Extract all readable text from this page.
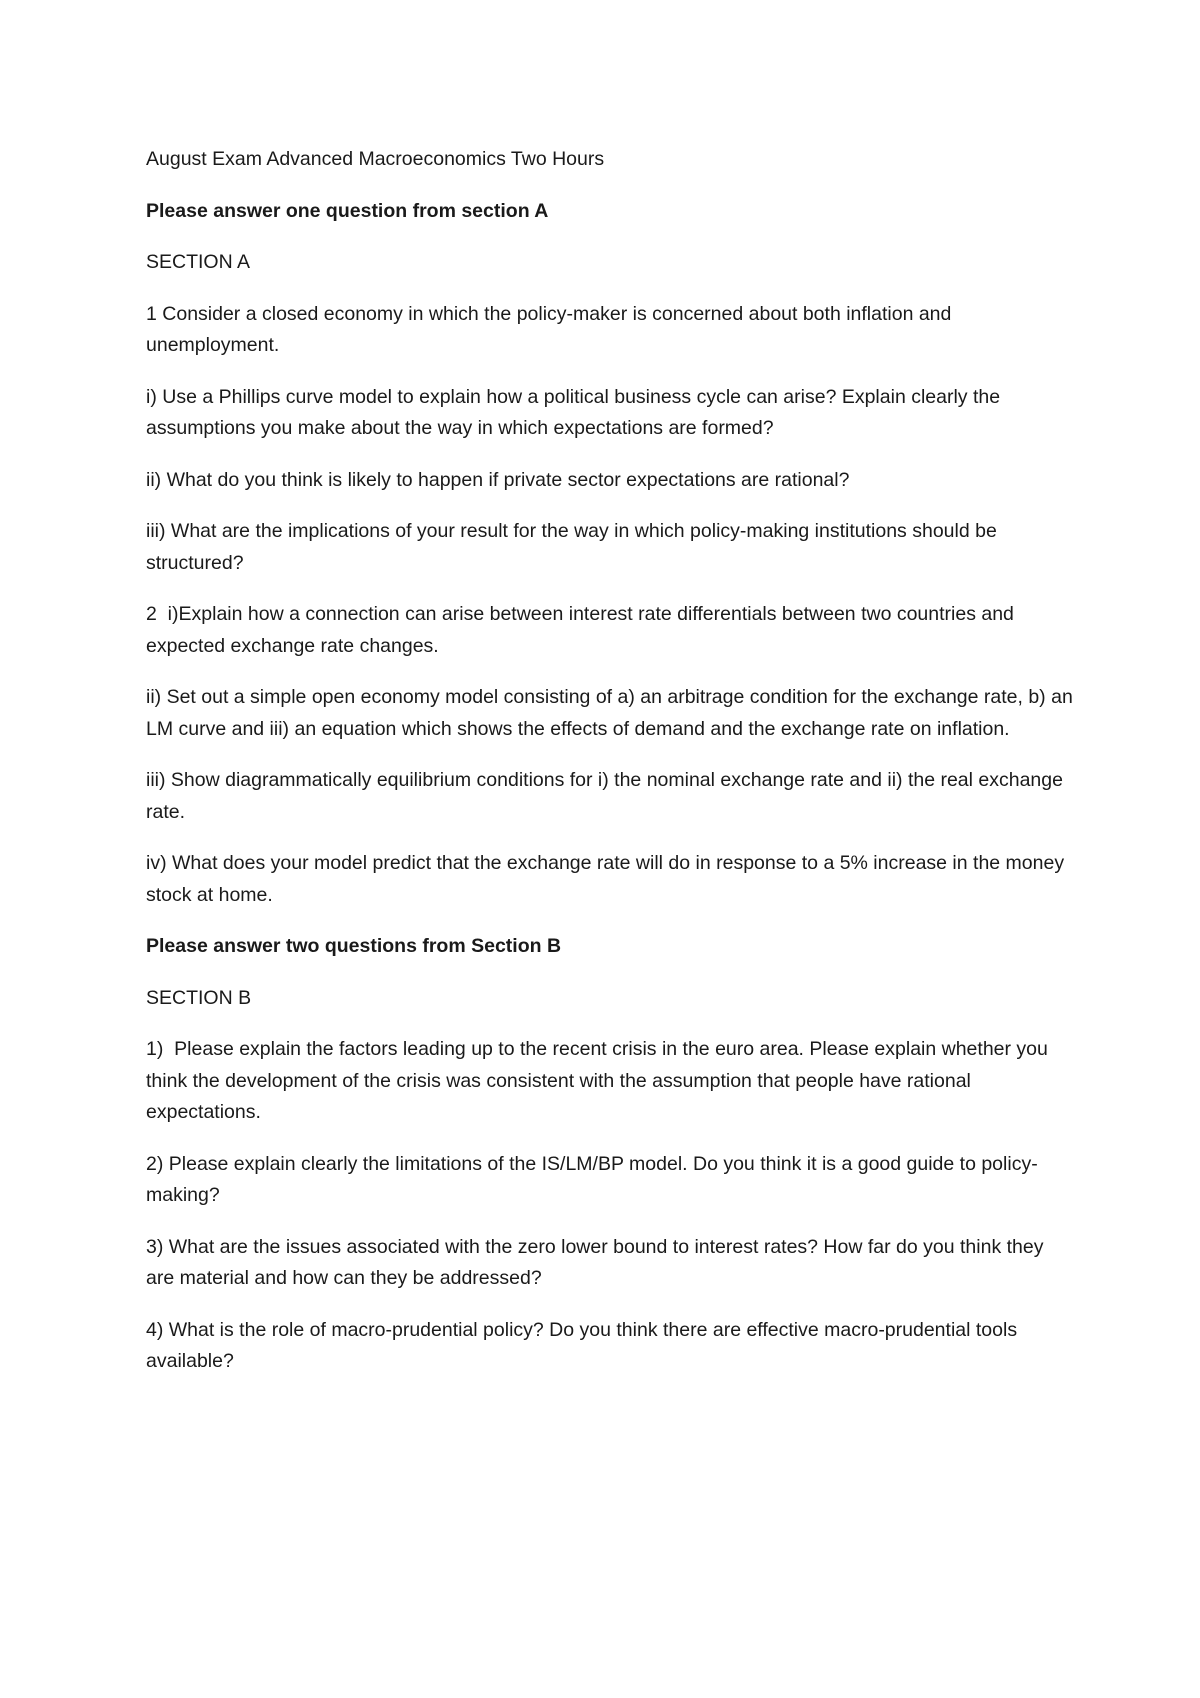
August Exam Advanced Macroeconomics Two Hours

Please answer one question from section A

SECTION A

1 Consider a closed economy in which the policy-maker is concerned about both inflation and unemployment.

i) Use a Phillips curve model to explain how a political business cycle can arise? Explain clearly the assumptions you make about the way in which expectations are formed?

ii) What do you think is likely to happen if private sector expectations are rational?

iii) What are the implications of your result for the way in which policy-making institutions should be structured?

2  i)Explain how a connection can arise between interest rate differentials between two countries and expected exchange rate changes.

ii) Set out a simple open economy model consisting of a) an arbitrage condition for the exchange rate, b) an LM curve and iii) an equation which shows the effects of demand and the exchange rate on inflation.

iii) Show diagrammatically equilibrium conditions for i) the nominal exchange rate and ii) the real exchange rate.

iv) What does your model predict that the exchange rate will do in response to a 5% increase in the money stock at home.

Please answer two questions from Section B

SECTION B

1)  Please explain the factors leading up to the recent crisis in the euro area. Please explain whether you think the development of the crisis was consistent with the assumption that people have rational expectations.

2) Please explain clearly the limitations of the IS/LM/BP model. Do you think it is a good guide to policy-making?

3) What are the issues associated with the zero lower bound to interest rates? How far do you think they are material and how can they be addressed?

4) What is the role of macro-prudential policy? Do you think there are effective macro-prudential tools available?
